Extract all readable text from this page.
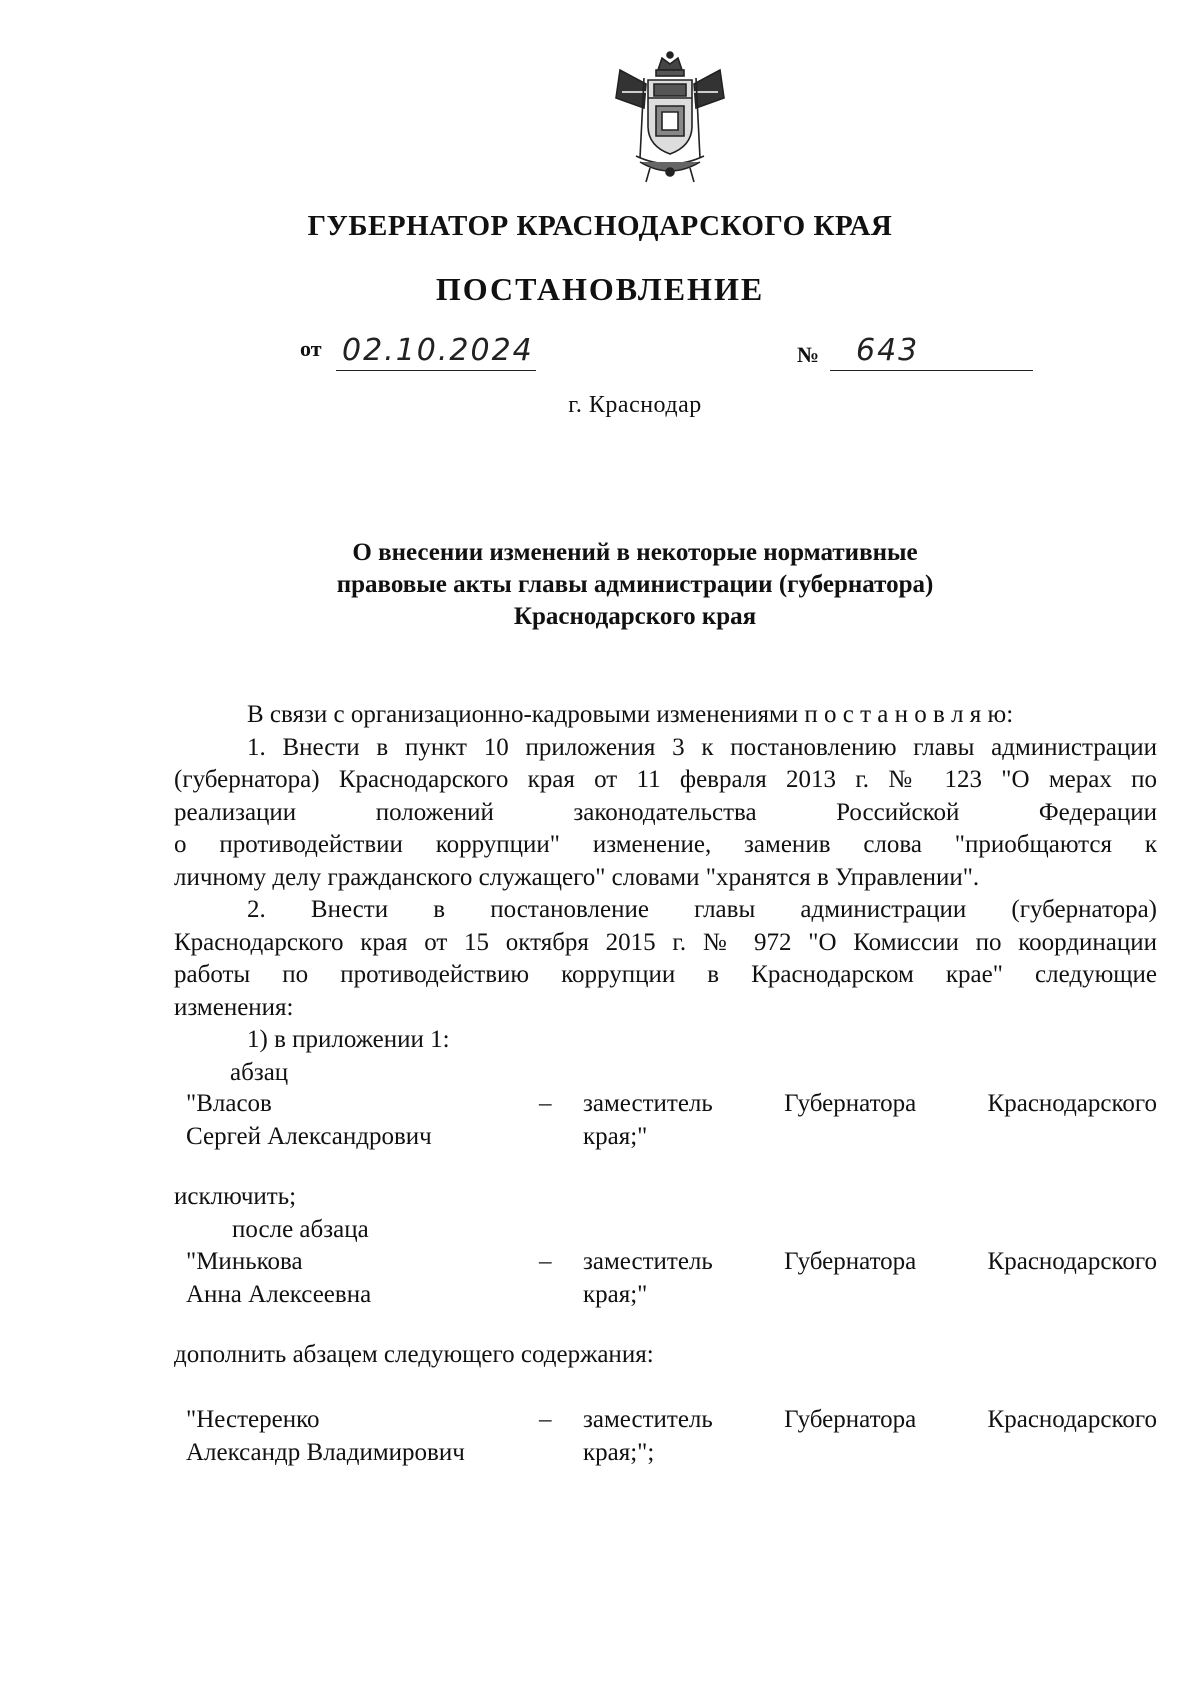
ГУБЕРНАТОР КРАСНОДАРСКОГО КРАЯ
ПОСТАНОВЛЕНИЕ
от 02.10.2024	№ 643
г. Краснодар
О внесении изменений в некоторые нормативные
правовые акты главы администрации (губернатора)
Краснодарского края

В связи с организационно-кадровыми изменениями п о с т а н о в л я ю:

1. Внести в пункт 10 приложения 3 к постановлению главы администрации

(губернатора) Краснодарского края от 11 февраля 2013 г. № 123 "О мерах по

реализации положений законодательства Российской Федерации

о противодействии коррупции" изменение, заменив слова "приобщаются к

личному делу гражданского служащего" словами "хранятся в Управлении".

2. Внести в постановление главы администрации (губернатора)

Краснодарского края от 15 октября 2015 г. № 972 "О Комиссии по координации

работы по противодействию коррупции в Краснодарском крае" следующие

изменения:

1) в приложении 1:

абзац

"Власов
Сергей Александрович
– заместитель Губернатора Краснодарского
края;"
исключить;
после абзаца
"Минькова
Анна Алексеевна
– заместитель Губернатора Краснодарского
края;"
дополнить абзацем следующего содержания:
"Нестеренко
Александр Владимирович
– заместитель Губернатора Краснодарского
края;";
